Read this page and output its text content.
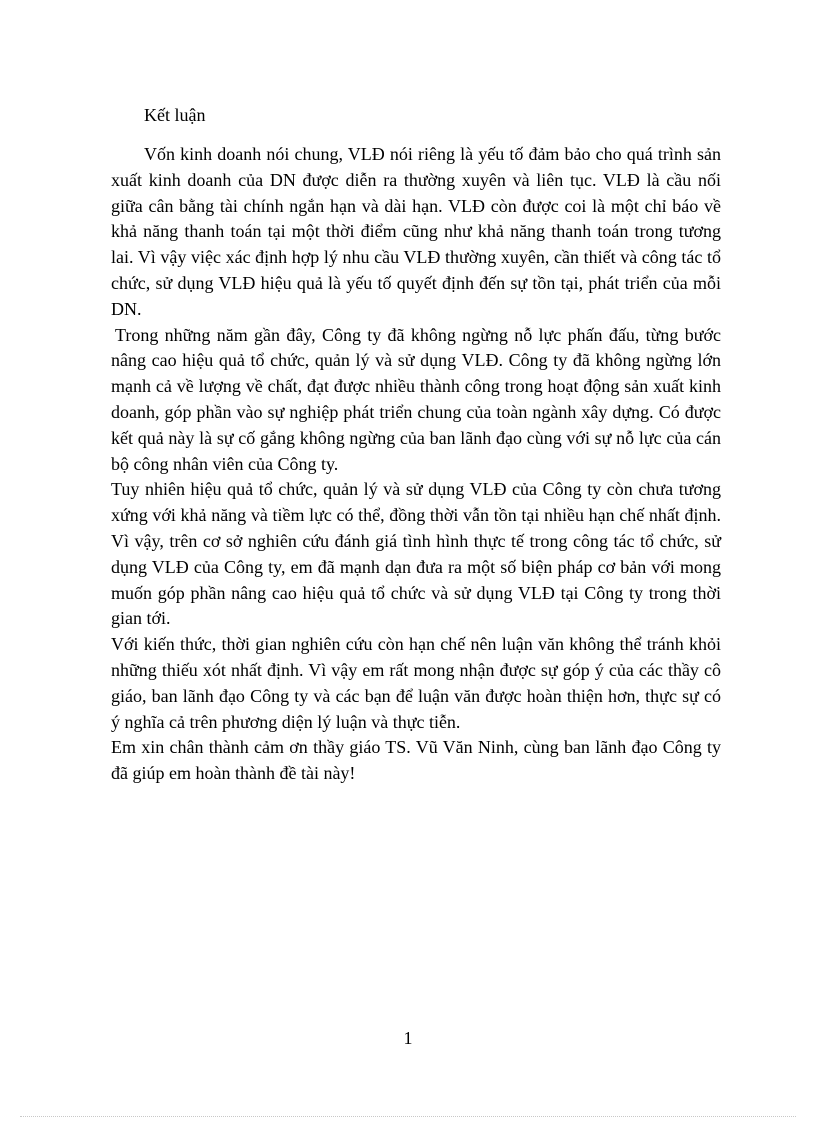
Kết luận

Vốn kinh doanh nói chung, VLĐ nói riêng là yếu tố đảm bảo cho quá trình sản xuất kinh doanh của DN được diễn ra thường xuyên và liên tục. VLĐ là cầu nối giữa cân bằng tài chính ngắn hạn và dài hạn. VLĐ còn được coi là một chỉ báo về khả năng thanh toán tại một thời điểm cũng như khả năng thanh toán trong tương lai. Vì vậy việc xác định hợp lý nhu cầu VLĐ thường xuyên, cần thiết và công tác tổ chức, sử dụng VLĐ hiệu quả là yếu tố quyết định đến sự tồn tại, phát triển của mỗi DN.

Trong những năm gần đây, Công ty đã không ngừng nỗ lực phấn đấu, từng bước nâng cao hiệu quả tổ chức, quản lý và sử dụng VLĐ. Công ty đã không ngừng lớn mạnh cả về lượng về chất, đạt được nhiều thành công trong hoạt động sản xuất kinh doanh, góp phần vào sự nghiệp phát triển chung của toàn ngành xây dựng. Có được kết quả này là sự cố gắng không ngừng của ban lãnh đạo cùng với sự nỗ lực của cán bộ công nhân viên của Công ty.

Tuy nhiên hiệu quả tổ chức, quản lý và sử dụng VLĐ của Công ty còn chưa tương xứng với khả năng và tiềm lực có thể, đồng thời vẫn tồn tại nhiều hạn chế nhất định. Vì vậy, trên cơ sở nghiên cứu đánh giá tình hình thực tế trong công tác tổ chức, sử dụng VLĐ của Công ty, em đã mạnh dạn đưa ra một số biện pháp cơ bản với mong muốn góp phần nâng cao hiệu quả tổ chức và sử dụng VLĐ tại Công ty trong thời gian tới.

Với kiến thức, thời gian nghiên cứu còn hạn chế nên luận văn không thể tránh khỏi những thiếu xót nhất định. Vì vậy em rất mong nhận được sự góp ý của các thầy cô giáo, ban lãnh đạo Công ty và các bạn để luận văn được hoàn thiện hơn, thực sự có ý nghĩa cả trên phương diện lý luận và thực tiễn.

Em xin chân thành cảm ơn thầy giáo TS. Vũ Văn Ninh, cùng ban lãnh đạo Công ty đã giúp em hoàn thành đề tài này!

1
